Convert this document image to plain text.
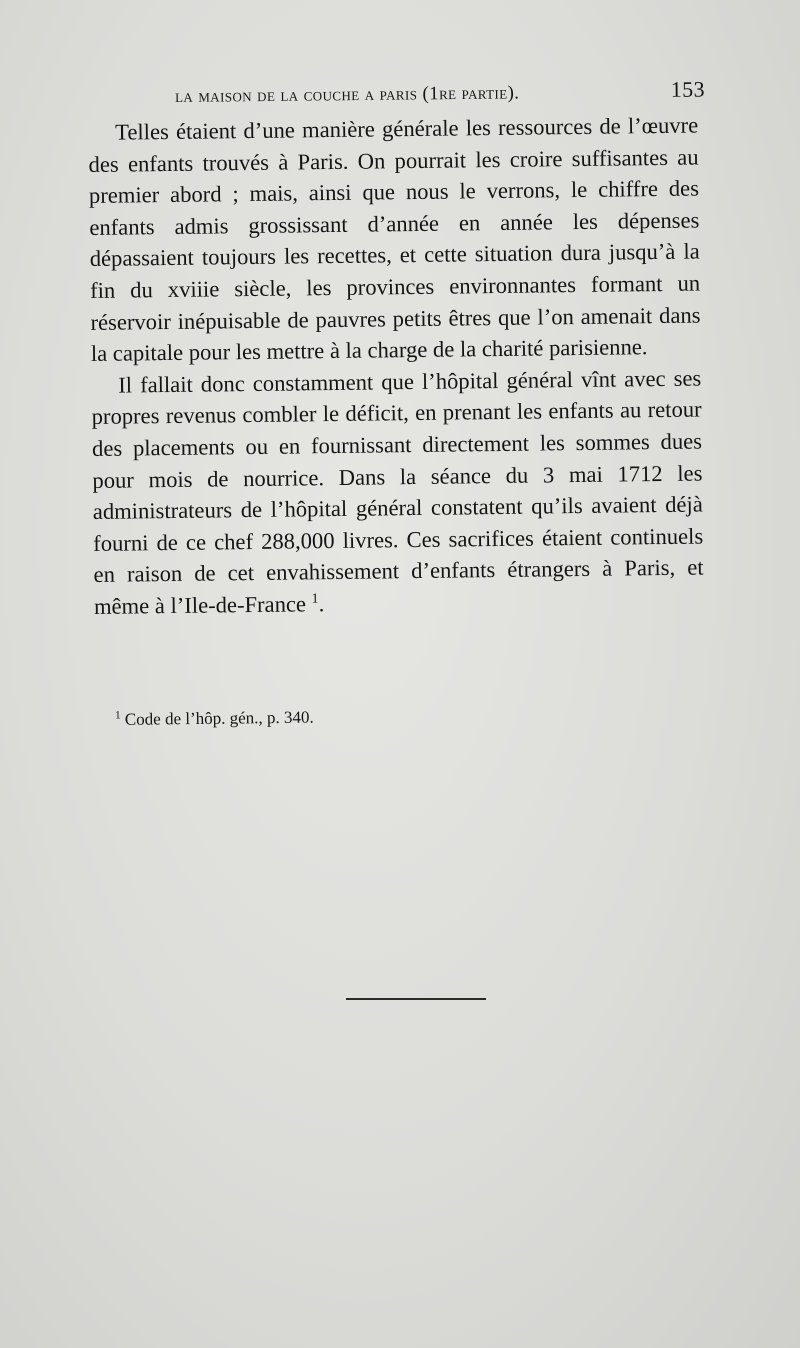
la maison de la couche a paris (1re partie).	153

Telles étaient d’une manière générale les ressources de l’œuvre des enfants trouvés à Paris. On pourrait les croire suffisantes au premier abord ; mais, ainsi que nous le verrons, le chiffre des enfants admis grossissant d’année en année les dépenses dépassaient toujours les recettes, et cette situation dura jusqu’à la fin du xviiie siècle, les provinces environnantes formant un réservoir inépuisable de pauvres petits êtres que l’on amenait dans la capitale pour les mettre à la charge de la charité parisienne.

Il fallait donc constamment que l’hôpital général vînt avec ses propres revenus combler le déficit, en prenant les enfants au retour des placements ou en fournissant directement les sommes dues pour mois de nourrice. Dans la séance du 3 mai 1712 les administrateurs de l’hôpital général constatent qu’ils avaient déjà fourni de ce chef 288,000 livres. Ces sacrifices étaient continuels en raison de cet envahissement d’enfants étrangers à Paris, et même à l’Ile-de-France $^1$.

$^1$ Code de l’hôp. gén., p. 340.
